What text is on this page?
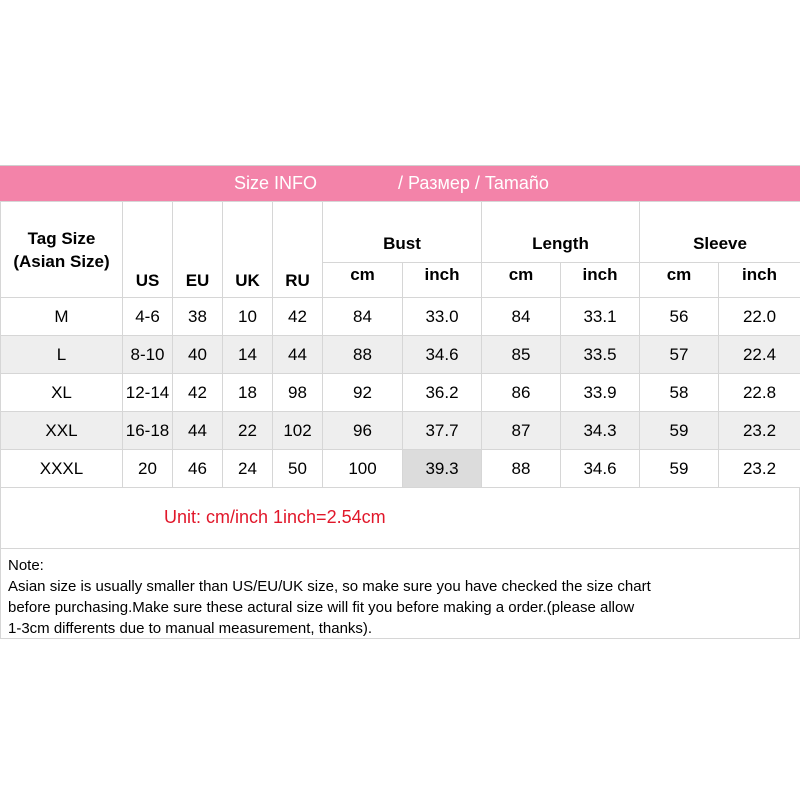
Size INFO	/ Размер / Tamaño
Tag Size (Asian Size)	US	EU	UK	RU	Bust		Length		Sleeve	
					cm	inch	cm	inch	cm	inch
M	4-6	38	10	42	84	33.0	84	33.1	56	22.0
L	8-10	40	14	44	88	34.6	85	33.5	57	22.4
XL	12-14	42	18	98	92	36.2	86	33.9	58	22.8
XXL	16-18	44	22	102	96	37.7	87	34.3	59	23.2
XXXL	20	46	24	50	100	39.3	88	34.6	59	23.2
Unit: cm/inch 1inch=2.54cm
Note:
Asian size is usually smaller than US/EU/UK size, so make sure you have checked the size chart
before purchasing.Make sure these actural size will fit you before making a order.(please allow
1-3cm differents due to manual measurement, thanks).
